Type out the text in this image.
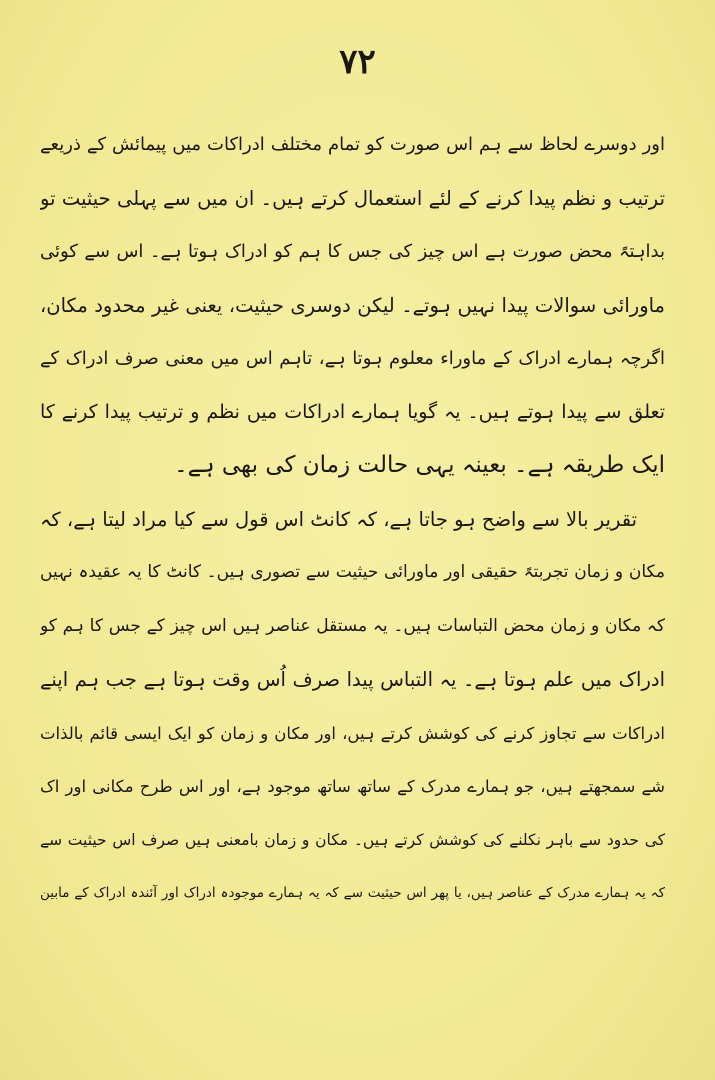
۷۲
اور دوسرے لحاظ سے ہم اس صورت کو تمام مختلف ادراکات میں پیمائش کے ذریعے
ترتیب و نظم پیدا کرنے کے لئے استعمال کرتے ہیں۔ ان میں سے پہلی حیثیت تو
بداہتہً محض صورت ہے اس چیز کی جس کا ہم کو ادراک ہوتا ہے۔ اس سے کوئی
ماورائی سوالات پیدا نہیں ہوتے۔ لیکن دوسری حیثیت، یعنی غیر محدود مکان،
اگرچہ ہمارے ادراک کے ماوراء معلوم ہوتا ہے، تاہم اس میں معنی صرف ادراک کے
تعلق سے پیدا ہوتے ہیں۔ یہ گویا ہمارے ادراکات میں نظم و ترتیب پیدا کرنے کا
ایک طریقہ ہے۔ بعینہ یہی حالت زمان کی بھی ہے۔
تقریر بالا سے واضح ہو جاتا ہے، کہ کانٹ اس قول سے کیا مراد لیتا ہے، کہ
مکان و زمان تجربتہً حقیقی اور ماورائی حیثیت سے تصوری ہیں۔ کانٹ کا یہ عقیدہ نہیں
کہ مکان و زمان محض التباسات ہیں۔ یہ مستقل عناصر ہیں اس چیز کے جس کا ہم کو
ادراک میں علم ہوتا ہے۔ یہ التباس پیدا صرف اُس وقت ہوتا ہے جب ہم اپنے
ادراکات سے تجاوز کرنے کی کوشش کرتے ہیں، اور مکان و زمان کو ایک ایسی قائم بالذات
شے سمجھتے ہیں، جو ہمارے مدرک کے ساتھ ساتھ موجود ہے، اور اس طرح مکانی اور اک
کی حدود سے باہر نکلنے کی کوشش کرتے ہیں۔ مکان و زمان بامعنی ہیں صرف اس حیثیت سے
کہ یہ ہمارے مدرک کے عناصر ہیں، یا پھر اس حیثیت سے کہ یہ ہمارے موجودہ ادراک اور آئندہ ادراک کے مابین
